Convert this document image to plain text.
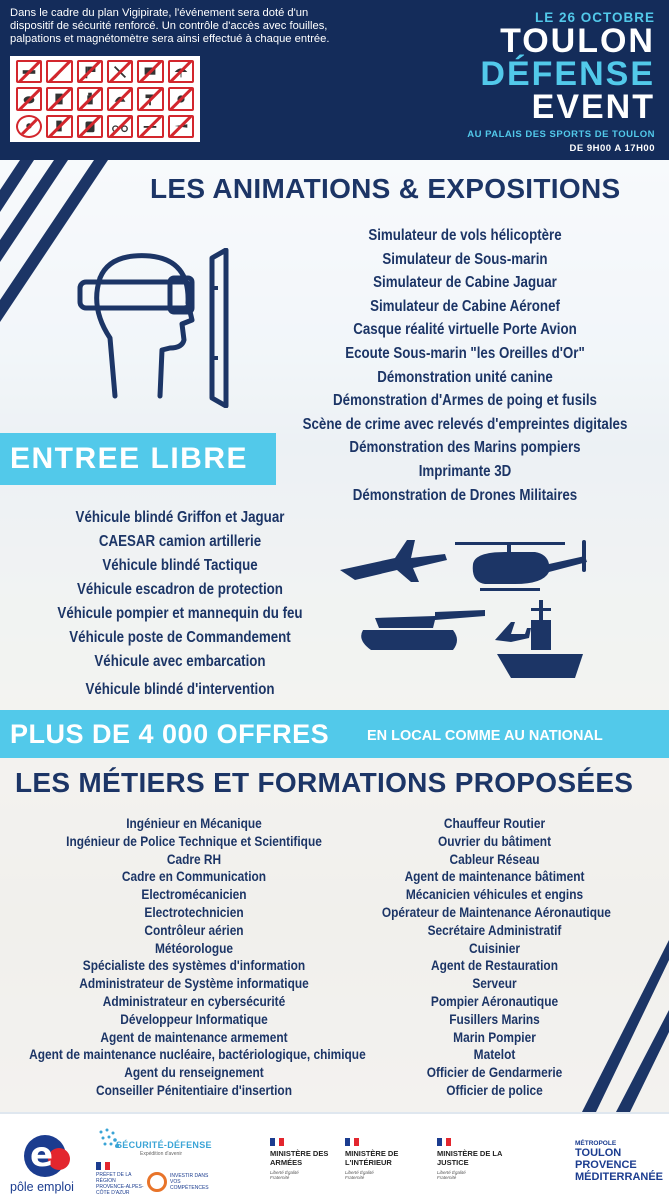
Dans le cadre du plan Vigipirate, l'événement sera doté d'un dispositif de sécurité renforcé. Un contrôle d'accès avec fouilles, palpations et magnétomètre sera ainsi effectué à chaque entrée.
LE 26 OCTOBRE
TOULON
DÉFENSE
EVENT
AU PALAIS DES SPORTS DE TOULON
DE 9H00 A 17H00
LES ANIMATIONS & EXPOSITIONS
Simulateur de vols hélicoptère
Simulateur de Sous-marin
Simulateur de Cabine Jaguar
Simulateur de Cabine Aéronef
Casque réalité virtuelle Porte Avion
Ecoute Sous-marin "les Oreilles d'Or"
Démonstration unité canine
Démonstration d'Armes de poing et fusils
Scène de crime avec relevés d'empreintes digitales
Démonstration des Marins pompiers
Imprimante 3D
Démonstration de Drones Militaires
ENTREE LIBRE
Véhicule blindé Griffon et Jaguar
CAESAR camion artillerie
Véhicule blindé Tactique
Véhicule escadron de protection
Véhicule pompier et mannequin du feu
Véhicule poste de Commandement
Véhicule avec embarcation
Véhicule blindé d'intervention
PLUS DE 4 000 OFFRES	EN LOCAL COMME AU NATIONAL
LES MÉTIERS ET FORMATIONS PROPOSÉES
Ingénieur en Mécanique
Ingénieur de Police Technique et Scientifique
Cadre RH
Cadre en Communication
Electromécanicien
Electrotechnicien
Contrôleur aérien
Météorologue
Spécialiste des systèmes d'information
Administrateur de Système informatique
Administrateur en cybersécurité
Développeur Informatique
Agent de maintenance armement
Agent de maintenance nucléaire, bactériologique, chimique
Agent du renseignement
Conseiller Pénitentiaire d'insertion
Chauffeur Routier
Ouvrier du bâtiment
Cableur Réseau
Agent de maintenance bâtiment
Mécanicien véhicules et engins
Opérateur de Maintenance Aéronautique
Secrétaire Administratif
Cuisinier
Agent de Restauration
Serveur
Pompier Aéronautique
Fusillers Marins
Marin Pompier
Matelot
Officier de Gendarmerie
Officier de police
e
pôle emploi
SÉCURITÉ-DÉFENSE
Expédition d'avenir
PRÉFET DE LA RÉGION PROVENCE-ALPES-CÔTE D'AZUR
INVESTIR DANS VOS COMPÉTENCES
MINISTÈRE DES ARMÉES
Liberté Égalité Fraternité
MINISTÈRE DE L'INTÉRIEUR
Liberté Égalité Fraternité
MINISTÈRE DE LA JUSTICE
Liberté Égalité Fraternité
MÉTROPOLE
TOULON
PROVENCE
MÉDITERRANÉE
